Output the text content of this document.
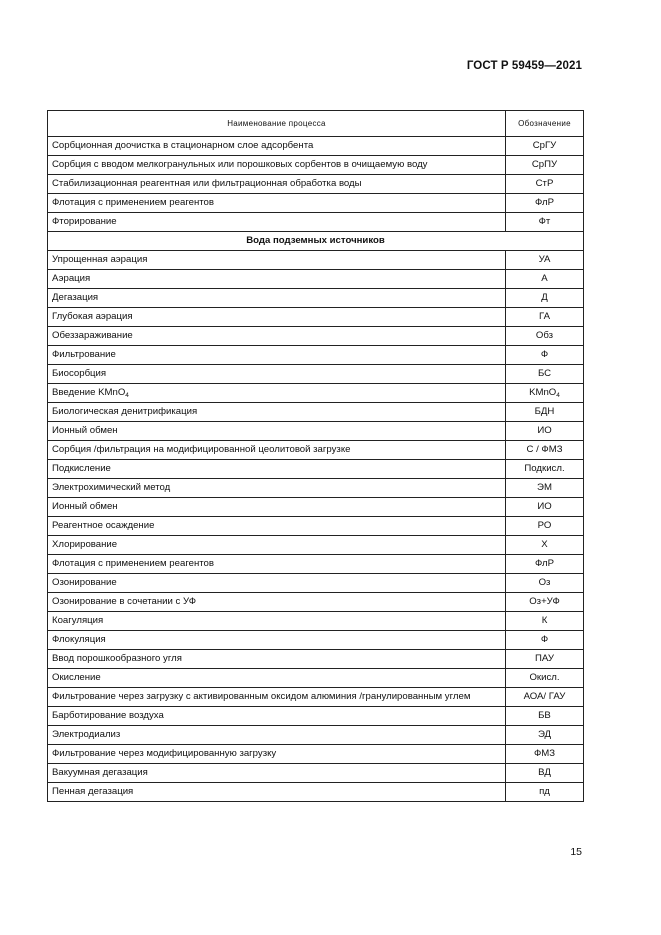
ГОСТ Р 59459—2021
Наименование процесса	Обозначение
Сорбционная доочистка в стационарном слое адсорбента	СрГУ
Сорбция с вводом мелкогранульных или порошковых сорбентов в очищаемую воду	СрПУ
Стабилизационная реагентная или фильтрационная обработка воды	СтР
Флотация с применением реагентов	ФлР
Фторирование	Фт
Вода подземных источников	
Упрощенная аэрация	УА
Аэрация	А
Дегазация	Д
Глубокая аэрация	ГА
Обеззараживание	Обз
Фильтрование	Ф
Биосорбция	БС
Введение KMnO$_4$	KMnO$_4$
Биологическая денитрификация	БДН
Ионный обмен	ИО
Сорбция /фильтрация на модифицированной цеолитовой загрузке	С / ФМЗ
Подкисление	Подкисл.
Электрохимический метод	ЭМ
Ионный обмен	ИО
Реагентное осаждение	РО
Хлорирование	Х
Флотация с применением реагентов	ФлР
Озонирование	Оз
Озонирование в сочетании с УФ	Оз+УФ
Коагуляция	К
Флокуляция	Ф
Ввод порошкообразного угля	ПАУ
Окисление	Окисл.
Фильтрование через загрузку с активированным оксидом алюминия /гранулированным углем	АОА/ ГАУ
Барботирование воздуха	БВ
Электродиализ	ЭД
Фильтрование через модифицированную загрузку	ФМЗ
Вакуумная дегазация	ВД
Пенная дегазация	пд
15
